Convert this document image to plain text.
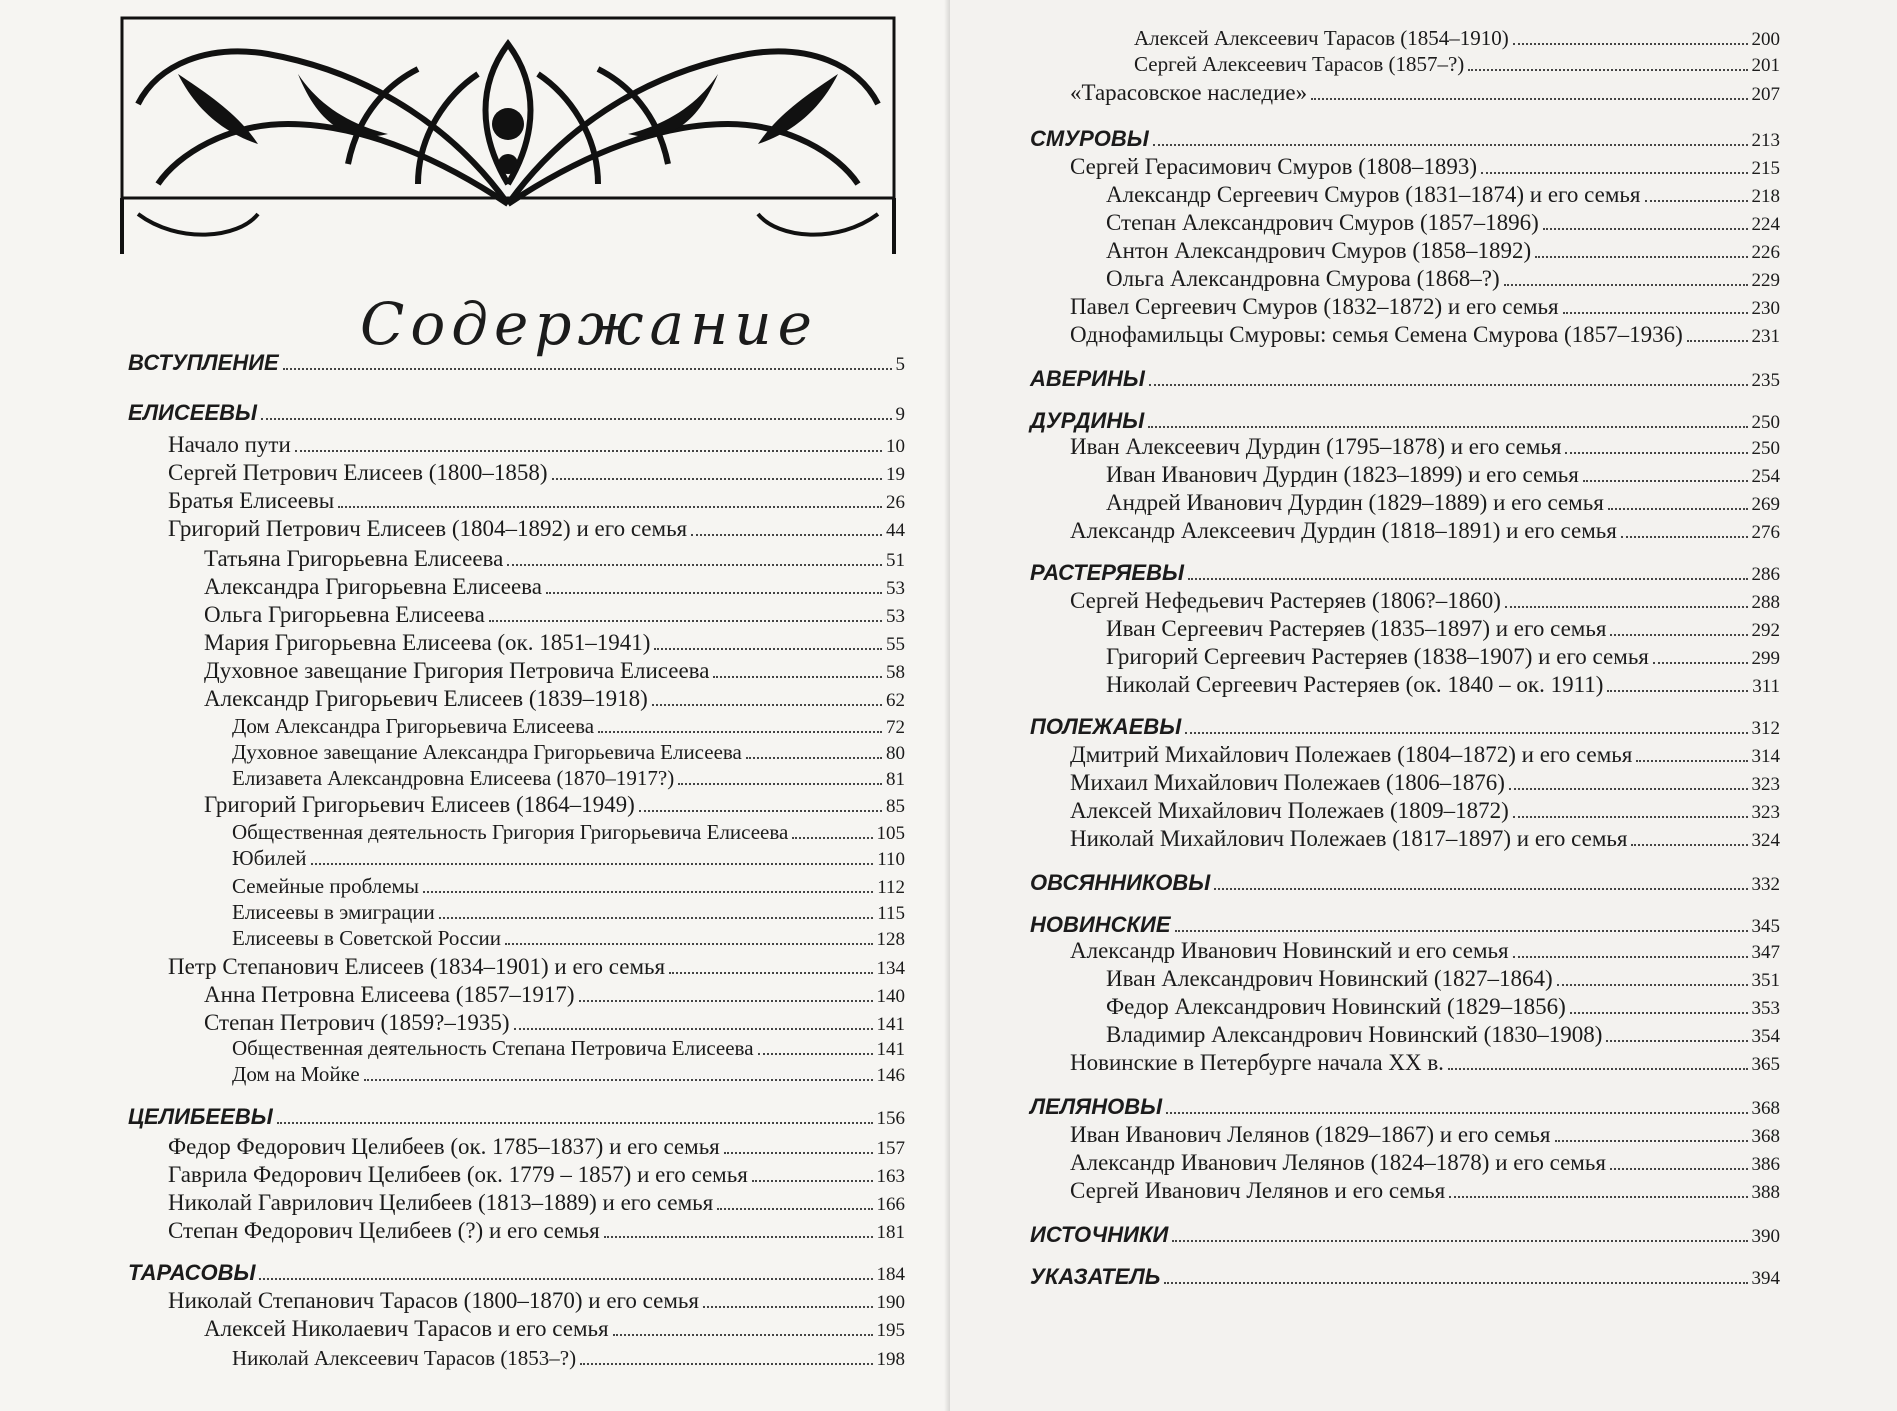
Содержание
ВСТУПЛЕНИЕ	5
ЕЛИСЕЕВЫ	9
Начало пути	10
Сергей Петрович Елисеев (1800–1858)	19
Братья Елисеевы	26
Григорий Петрович Елисеев (1804–1892) и его семья	44
Татьяна Григорьевна Елисеева	51
Александра Григорьевна Елисеева	53
Ольга Григорьевна Елисеева	53
Мария Григорьевна Елисеева (ок. 1851–1941)	55
Духовное завещание Григория Петровича Елисеева	58
Александр Григорьевич Елисеев (1839–1918)	62
Дом Александра Григорьевича Елисеева	72
Духовное завещание Александра Григорьевича Елисеева	80
Елизавета Александровна Елисеева (1870–1917?)	81
Григорий Григорьевич Елисеев (1864–1949)	85
Общественная деятельность Григория Григорьевича Елисеева	105
Юбилей	110
Семейные проблемы	112
Елисеевы в эмиграции	115
Елисеевы в Советской России	128
Петр Степанович Елисеев (1834–1901) и его семья	134
Анна Петровна Елисеева (1857–1917)	140
Степан Петрович (1859?–1935)	141
Общественная деятельность Степана Петровича Елисеева	141
Дом на Мойке	146
ЦЕЛИБЕЕВЫ	156
Федор Федорович Целибеев (ок. 1785–1837) и его семья	157
Гаврила Федорович Целибеев (ок. 1779 – 1857) и его семья	163
Николай Гаврилович Целибеев (1813–1889) и его семья	166
Степан Федорович Целибеев (?) и его семья	181
ТАРАСОВЫ	184
Николай Степанович Тарасов (1800–1870) и его семья	190
Алексей Николаевич Тарасов и его семья	195
Николай Алексеевич Тарасов (1853–?)	198
Алексей Алексеевич Тарасов (1854–1910)	200
Сергей Алексеевич Тарасов (1857–?)	201
«Тарасовское наследие»	207
СМУРОВЫ	213
Сергей Герасимович Смуров (1808–1893)	215
Александр Сергеевич Смуров (1831–1874) и его семья	218
Степан Александрович Смуров (1857–1896)	224
Антон Александрович Смуров (1858–1892)	226
Ольга Александровна Смурова (1868–?)	229
Павел Сергеевич Смуров (1832–1872) и его семья	230
Однофамильцы Смуровы: семья Семена Смурова (1857–1936)	231
АВЕРИНЫ	235
ДУРДИНЫ	250
Иван Алексеевич Дурдин (1795–1878) и его семья	250
Иван Иванович Дурдин (1823–1899) и его семья	254
Андрей Иванович Дурдин (1829–1889) и его семья	269
Александр Алексеевич Дурдин (1818–1891) и его семья	276
РАСТЕРЯЕВЫ	286
Сергей Нефедьевич Растеряев (1806?–1860)	288
Иван Сергеевич Растеряев (1835–1897) и его семья	292
Григорий Сергеевич Растеряев (1838–1907) и его семья	299
Николай Сергеевич Растеряев (ок. 1840 – ок. 1911)	311
ПОЛЕЖАЕВЫ	312
Дмитрий Михайлович Полежаев (1804–1872) и его семья	314
Михаил Михайлович Полежаев (1806–1876)	323
Алексей Михайлович Полежаев (1809–1872)	323
Николай Михайлович Полежаев (1817–1897) и его семья	324
ОВСЯННИКОВЫ	332
НОВИНСКИЕ	345
Александр Иванович Новинский и его семья	347
Иван Александрович Новинский (1827–1864)	351
Федор Александрович Новинский (1829–1856)	353
Владимир Александрович Новинский (1830–1908)	354
Новинские в Петербурге начала XX в.	365
ЛЕЛЯНОВЫ	368
Иван Иванович Лелянов (1829–1867) и его семья	368
Александр Иванович Лелянов (1824–1878) и его семья	386
Сергей Иванович Лелянов и его семья	388
ИСТОЧНИКИ	390
УКАЗАТЕЛЬ	394
